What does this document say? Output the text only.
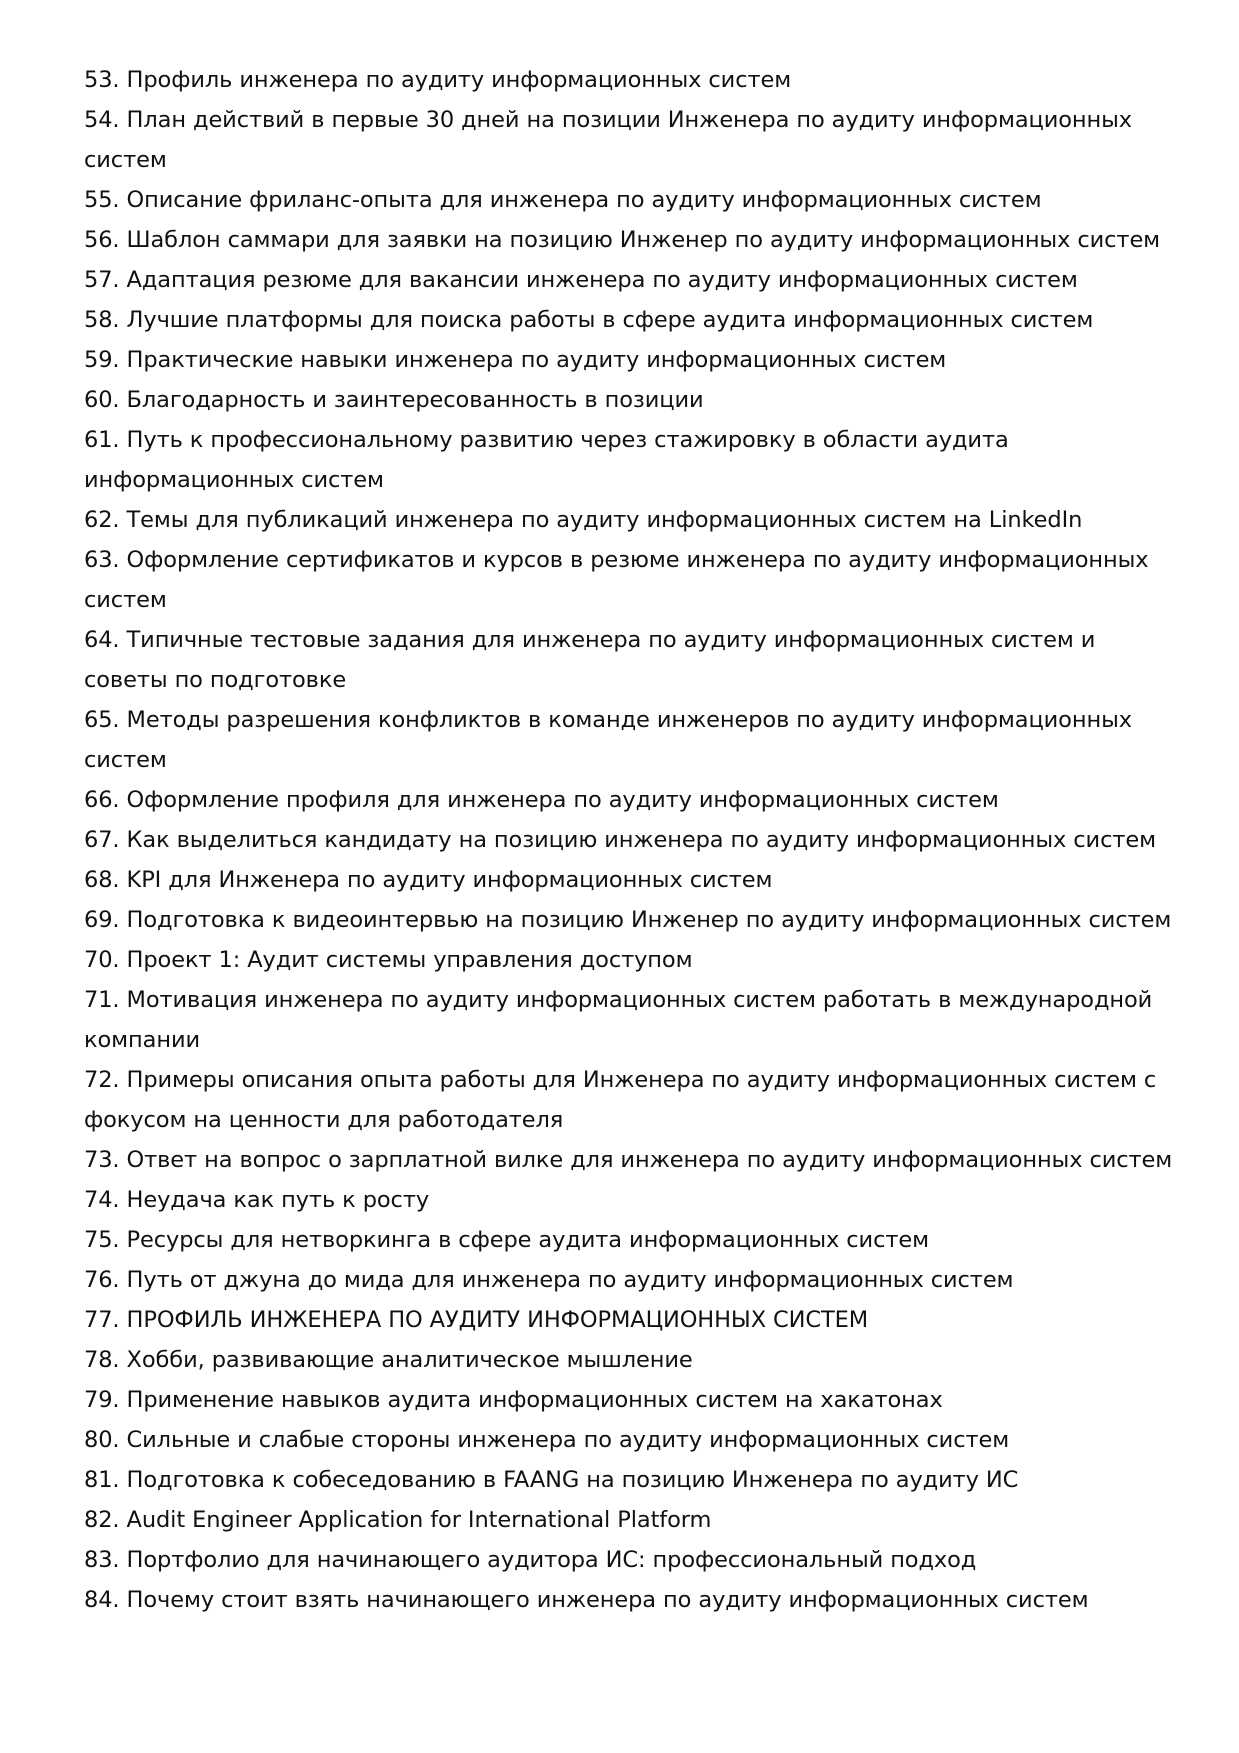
53. Профиль инженера по аудиту информационных систем
54. План действий в первые 30 дней на позиции Инженера по аудиту информационных систем
55. Описание фриланс-опыта для инженера по аудиту информационных систем
56. Шаблон саммари для заявки на позицию Инженер по аудиту информационных систем
57. Адаптация резюме для вакансии инженера по аудиту информационных систем
58. Лучшие платформы для поиска работы в сфере аудита информационных систем
59. Практические навыки инженера по аудиту информационных систем
60. Благодарность и заинтересованность в позиции
61. Путь к профессиональному развитию через стажировку в области аудита информационных систем
62. Темы для публикаций инженера по аудиту информационных систем на LinkedIn
63. Оформление сертификатов и курсов в резюме инженера по аудиту информационных систем
64. Типичные тестовые задания для инженера по аудиту информационных систем и советы по подготовке
65. Методы разрешения конфликтов в команде инженеров по аудиту информационных систем
66. Оформление профиля для инженера по аудиту информационных систем
67. Как выделиться кандидату на позицию инженера по аудиту информационных систем
68. KPI для Инженера по аудиту информационных систем
69. Подготовка к видеоинтервью на позицию Инженер по аудиту информационных систем
70. Проект 1: Аудит системы управления доступом
71. Мотивация инженера по аудиту информационных систем работать в международной компании
72. Примеры описания опыта работы для Инженера по аудиту информационных систем с фокусом на ценности для работодателя
73. Ответ на вопрос о зарплатной вилке для инженера по аудиту информационных систем
74. Неудача как путь к росту
75. Ресурсы для нетворкинга в сфере аудита информационных систем
76. Путь от джуна до мида для инженера по аудиту информационных систем
77. ПРОФИЛЬ ИНЖЕНЕРА ПО АУДИТУ ИНФОРМАЦИОННЫХ СИСТЕМ
78. Хобби, развивающие аналитическое мышление
79. Применение навыков аудита информационных систем на хакатонах
80. Сильные и слабые стороны инженера по аудиту информационных систем
81. Подготовка к собеседованию в FAANG на позицию Инженера по аудиту ИС
82. Audit Engineer Application for International Platform
83. Портфолио для начинающего аудитора ИС: профессиональный подход
84. Почему стоит взять начинающего инженера по аудиту информационных систем
